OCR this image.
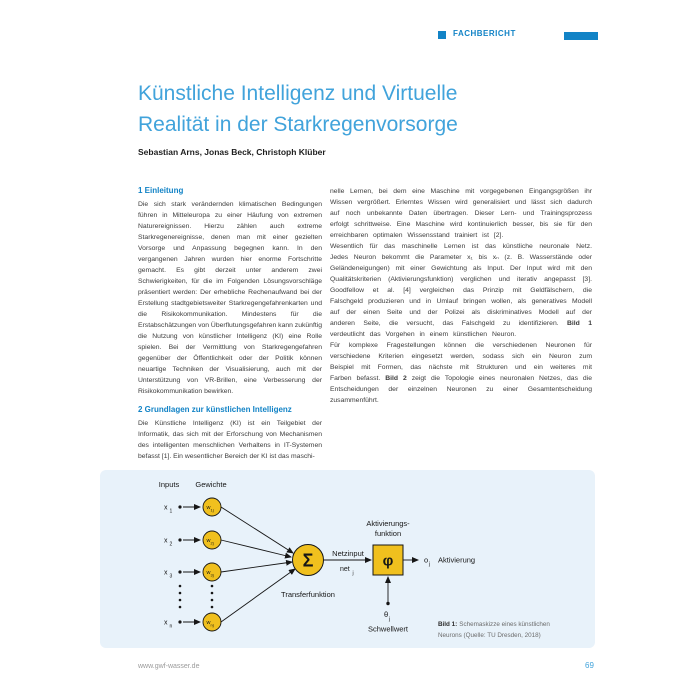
FACHBERICHT
Künstliche Intelligenz und Virtuelle
Realität in der Starkregenvorsorge
Sebastian Arns, Jonas Beck, Christoph Klüber
1 Einleitung

Die sich stark verändernden klimatischen Bedingungen führen in Mitteleuropa zu einer Häufung von extremen Naturereignissen. Hierzu zählen auch extreme Starkregenereignisse, denen man mit einer gezielten Vorsorge und Anpassung begegnen kann. In den vergangenen Jahren wurden hier enorme Fortschritte gemacht. Es gibt derzeit unter anderem zwei Schwierigkeiten, für die im Folgenden Lösungsvorschläge präsentiert werden: Der erhebliche Rechenaufwand bei der Erstellung stadtgebietsweiter Starkregengefahrenkarten und die Risikokommunikation. Mindestens für die Erstabschätzungen von Überflutungsgefahren kann zukünftig die Nutzung von künstlicher Intelligenz (KI) eine Rolle spielen. Bei der Vermittlung von Starkregengefahren gegenüber der Öffentlichkeit oder der Politik können neuartige Techniken der Visualisierung, auch mit der Unterstützung von VR-Brillen, eine Verbesserung der Risikokommunikation bewirken.

2 Grundlagen zur künstlichen Intelligenz

Die Künstliche Intelligenz (KI) ist ein Teilgebiet der Informatik, das sich mit der Erforschung von Mechanismen des intelligenten menschlichen Verhaltens in IT-Systemen befasst [1]. Ein wesentlicher Bereich der KI ist das maschi-

nelle Lernen, bei dem eine Maschine mit vorgegebenen Eingangsgrößen ihr Wissen vergrößert. Erlerntes Wissen wird generalisiert und lässt sich dadurch auf noch unbekannte Daten übertragen. Dieser Lern- und Trainingsprozess erfolgt schrittweise. Eine Maschine wird kontinuierlich besser, bis sie für den erreichbaren optimalen Wissensstand trainiert ist [2].

Wesentlich für das maschinelle Lernen ist das künstliche neuronale Netz. Jedes Neuron bekommt die Parameter x₁ bis xₙ (z. B. Wasserstände oder Geländeneigungen) mit einer Gewichtung als Input. Der Input wird mit den Qualitätskriterien (Aktivierungsfunktion) verglichen und iterativ angepasst [3]. Goodfellow et al. [4] vergleichen das Prinzip mit Geldfälschern, die Falschgeld produzieren und in Umlauf bringen wollen, als generatives Modell auf der einen Seite und der Polizei als diskriminatives Modell auf der anderen Seite, die versucht, das Falschgeld zu identifizieren. Bild 1 verdeutlicht das Vorgehen in einem künstlichen Neuron.

Für komplexe Fragestellungen können die verschiedenen Neuronen für verschiedene Kriterien eingesetzt werden, sodass sich ein Neuron zum Beispiel mit Formen, das nächste mit Strukturen und ein weiteres mit Farben befasst. Bild 2 zeigt die Topologie eines neuronalen Netzes, das die Entscheidungen der einzelnen Neuronen zu einer Gesamtentscheidung zusammenführt.

Inputs Gewichte
x 1
w 1j
x 2
w 2j
x 3
w 3j
x n
w nj
Σ
Transferfunktion
Netzinput
net
j
Aktivierungs-
funktion
φ	o j Aktivierung
θ
j
Schwellwert	Bild 1: Schemaskizze eines künstlichen
Neurons (Quelle: TU Dresden, 2018)
www.gwf-wasser.de	69
